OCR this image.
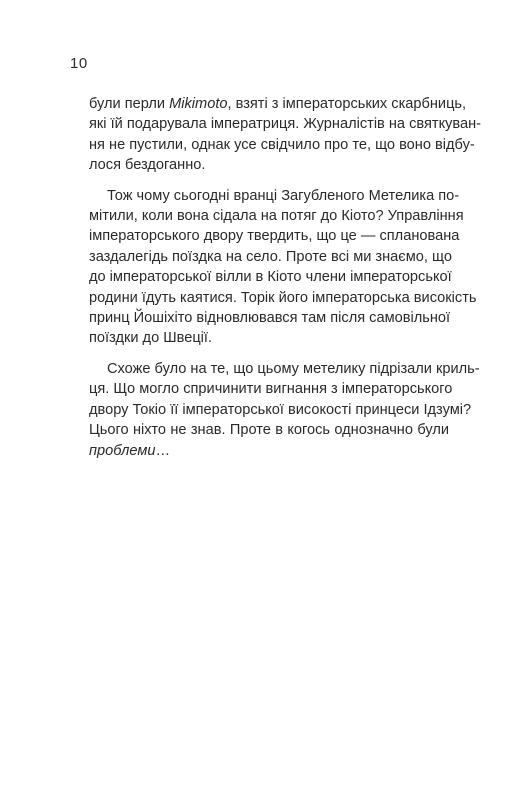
10
були перли Mikimoto, взяті з імператорських скарбниць,
які їй подарувала імператриця. Журналістів на святкуван-
ня не пустили, однак усе свідчило про те, що воно відбу-
лося бездоганно.
Тож чому сьогодні вранці Загубленого Метелика по-
мітили, коли вона сідала на потяг до Кіото? Управління
імператорського двору твердить, що це — спланована
заздалегідь поїздка на село. Проте всі ми знаємо, що
до імператорської вілли в Кіото члени імператорської
родини їдуть каятися. Торік його імператорська високість
принц Йошіхіто відновлювався там після самовільної
поїздки до Швеції.
Схоже було на те, що цьому метелику підрізали криль-
ця. Що могло спричинити вигнання з імператорського
двору Токіо її імператорської високості принцеси Ідзумі?
Цього ніхто не знав. Проте в когось однозначно були
проблеми…
